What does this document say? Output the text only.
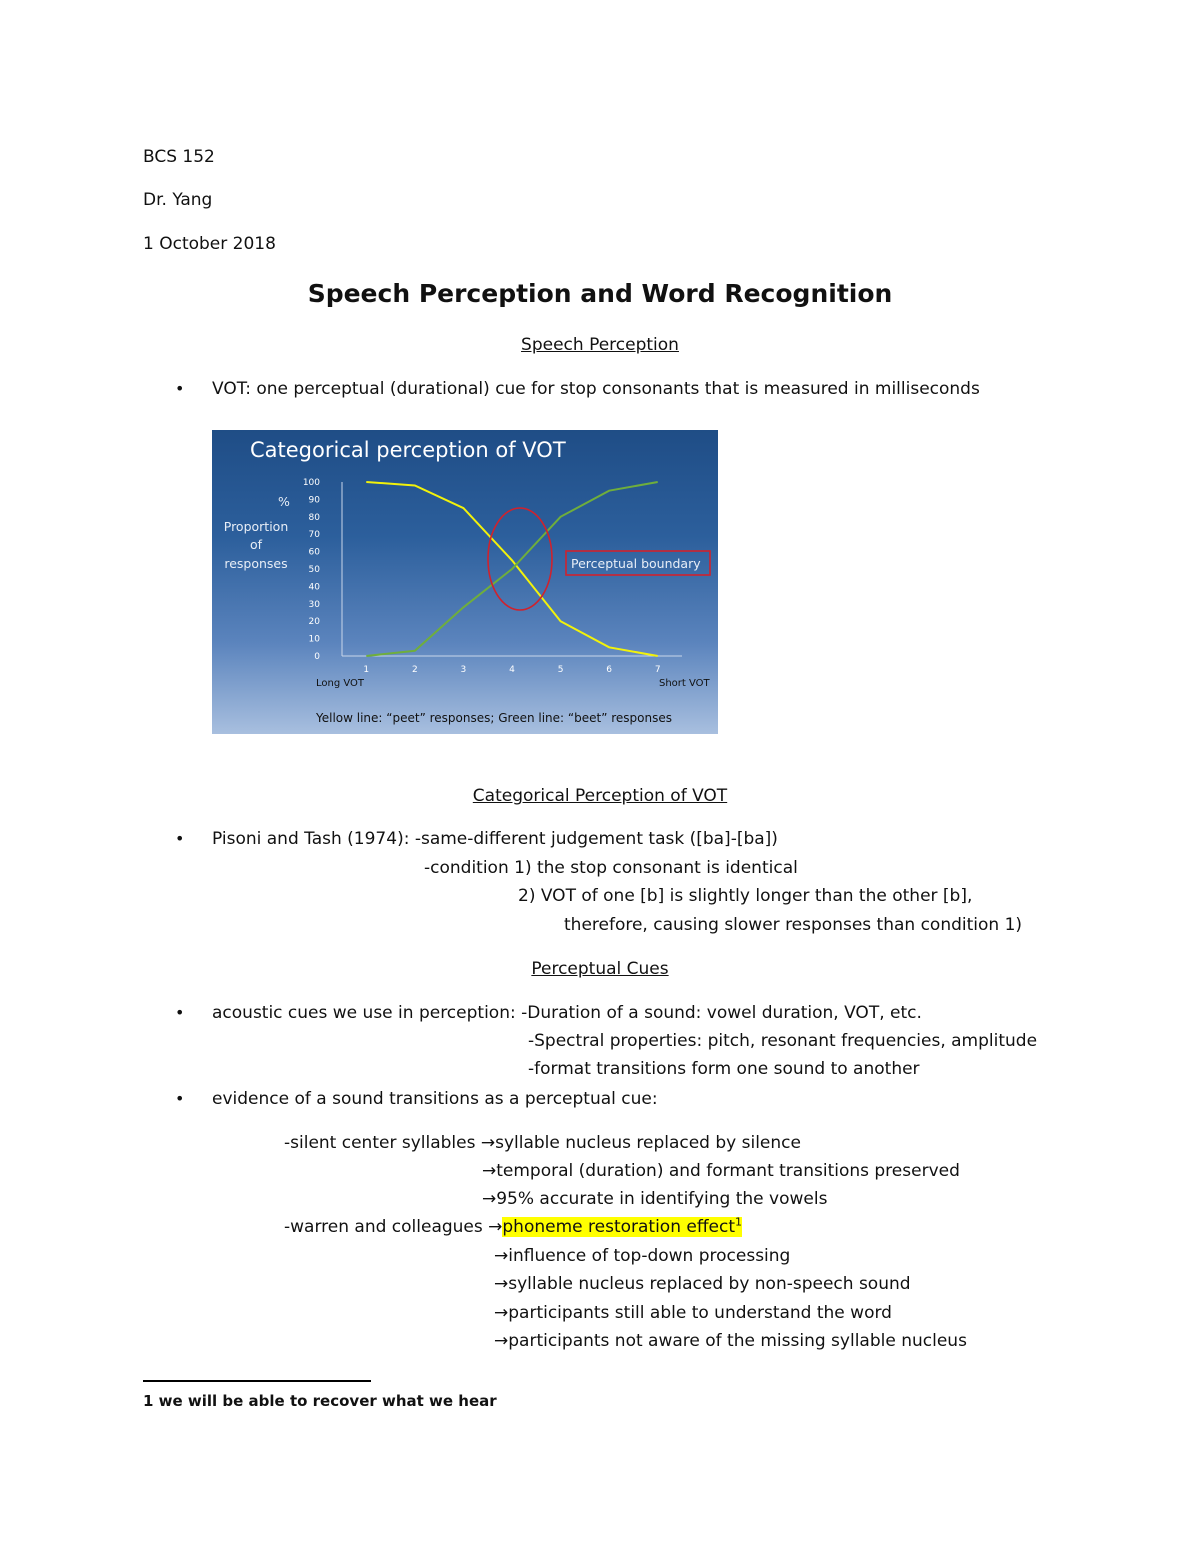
BCS 152
Dr. Yang
1 October 2018
Speech Perception and Word Recognition
Speech Perception
• VOT: one perceptual (durational) cue for stop consonants that is measured in milliseconds
Categorical perception of VOT
%
Proportion
of
responses
0
10
20
30
40
50
60
70
80
90
100
1	2	3	4	5	6	7
Perceptual boundary
Long VOT	Short VOT
Yellow line: “peet” responses; Green line: “beet” responses
Categorical Perception of VOT
• Pisoni and Tash (1974): -same-different judgement task ([ba]-[ba])
-condition 1) the stop consonant is identical
2) VOT of one [b] is slightly longer than the other [b],
therefore, causing slower responses than condition 1)
Perceptual Cues
• acoustic cues we use in perception: -Duration of a sound: vowel duration, VOT, etc.
-Spectral properties: pitch, resonant frequencies, amplitude
-format transitions form one sound to another
• evidence of a sound transitions as a perceptual cue:
-silent center syllables →syllable nucleus replaced by silence
→temporal (duration) and formant transitions preserved
→95% accurate in identifying the vowels
-warren and colleagues →phoneme restoration effect$^1$
→influence of top-down processing
→syllable nucleus replaced by non-speech sound
→participants still able to understand the word
→participants not aware of the missing syllable nucleus
1 we will be able to recover what we hear
